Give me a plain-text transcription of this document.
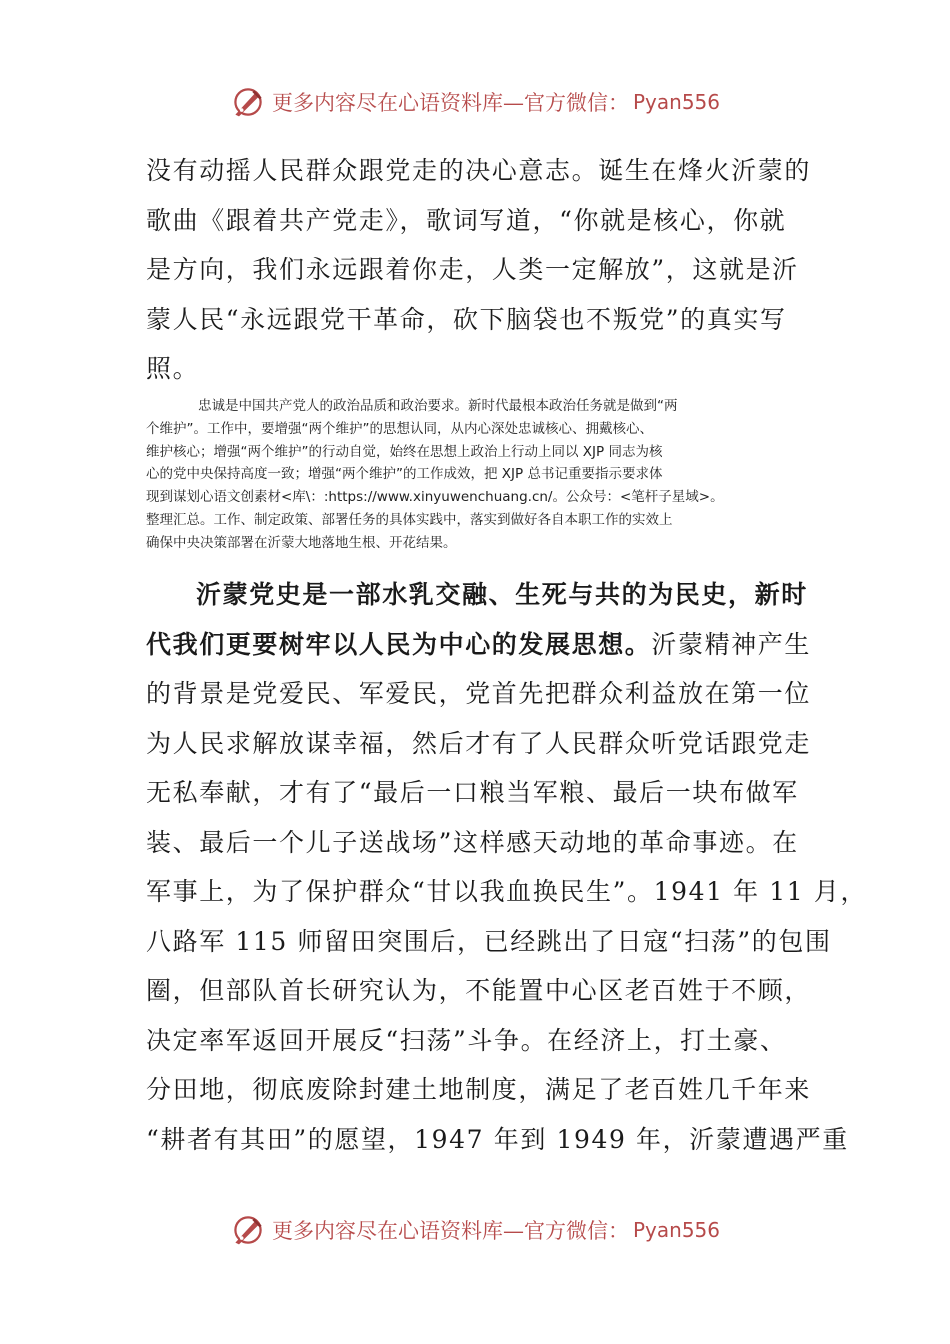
更多内容尽在心语资料库—官方微信： Pyan556
没有动摇人民群众跟党走的决心意志。诞生在烽火沂蒙的
歌曲《跟着共产党走》，歌词写道，“你就是核心，你就
是方向，我们永远跟着你走，人类一定解放”，这就是沂
蒙人民“永远跟党干革命，砍下脑袋也不叛党”的真实写
照。
忠诚是中国共产党人的政治品质和政治要求。新时代最根本政治任务就是做到“两
个维护”。工作中，要增强“两个维护”的思想认同，从内心深处忠诚核心、拥戴核心、
维护核心；增强“两个维护”的行动自觉，始终在思想上政治上行动上同以 XJP 同志为核
心的党中央保持高度一致；增强“两个维护”的工作成效，把 XJP 总书记重要指示要求体
现到谋划心语文创素材<库\：:https://www.xinyuwenchuang.cn/。公众号：<笔杆子星域>。
整理汇总。工作、制定政策、部署任务的具体实践中，落实到做好各自本职工作的实效上
确保中央决策部署在沂蒙大地落地生根、开花结果。
沂蒙党史是一部水乳交融、生死与共的为民史，新时
代我们更要树牢以人民为中心的发展思想。沂蒙精神产生
的背景是党爱民、军爱民，党首先把群众利益放在第一位
为人民求解放谋幸福，然后才有了人民群众听党话跟党走
无私奉献，才有了“最后一口粮当军粮、最后一块布做军
装、最后一个儿子送战场”这样感天动地的革命事迹。在
军事上，为了保护群众“甘以我血换民生”。1941 年 11 月，
八路军 115 师留田突围后，已经跳出了日寇“扫荡”的包围
圈，但部队首长研究认为，不能置中心区老百姓于不顾，
决定率军返回开展反“扫荡”斗争。在经济上，打土豪、
分田地，彻底废除封建土地制度，满足了老百姓几千年来
“耕者有其田”的愿望，1947 年到 1949 年，沂蒙遭遇严重
更多内容尽在心语资料库—官方微信： Pyan556
